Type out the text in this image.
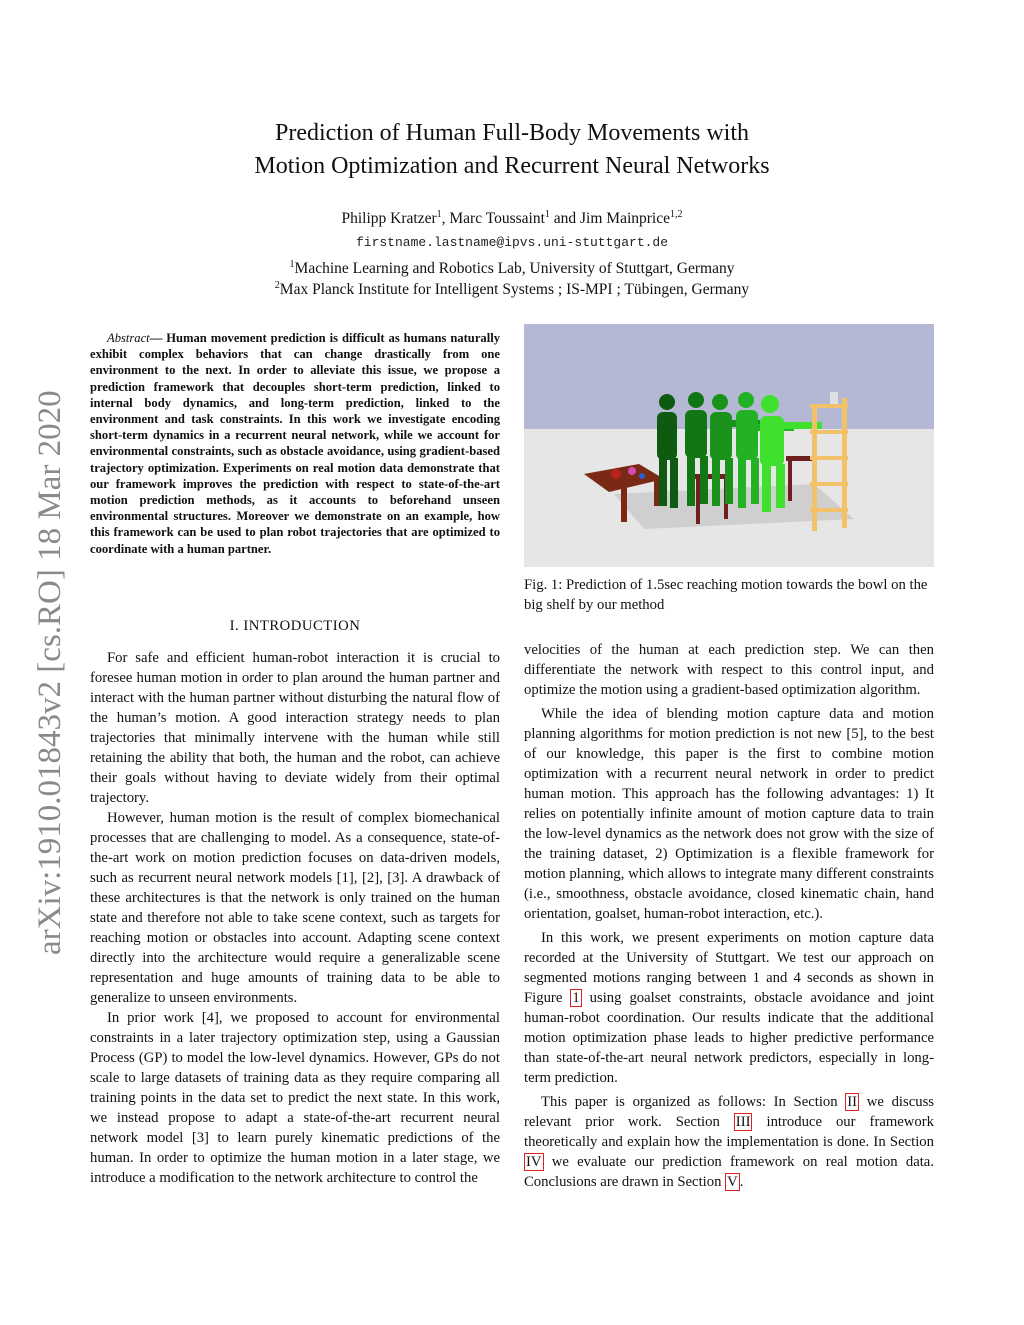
Prediction of Human Full-Body Movements with
Motion Optimization and Recurrent Neural Networks
Philipp Kratzer$^1$, Marc Toussaint$^1$ and Jim Mainprice$^{1,2}$
firstname.lastname@ipvs.uni-stuttgart.de
$^1$Machine Learning and Robotics Lab, University of Stuttgart, Germany
$^2$Max Planck Institute for Intelligent Systems ; IS-MPI ; Tübingen, Germany
arXiv:1910.01843v2 [cs.RO] 18 Mar 2020
Abstract— Human movement prediction is difficult as humans naturally exhibit complex behaviors that can change drastically from one environment to the next. In order to alleviate this issue, we propose a prediction framework that decouples short-term prediction, linked to internal body dynamics, and long-term prediction, linked to the environment and task constraints. In this work we investigate encoding short-term dynamics in a recurrent neural network, while we account for environmental constraints, such as obstacle avoidance, using gradient-based trajectory optimization. Experiments on real motion data demonstrate that our framework improves the prediction with respect to state-of-the-art motion prediction methods, as it accounts to beforehand unseen environmental structures. Moreover we demonstrate on an example, how this framework can be used to plan robot trajectories that are optimized to coordinate with a human partner.
I. INTRODUCTION

For safe and efficient human-robot interaction it is crucial to foresee human motion in order to plan around the human partner and interact with the human partner without disturbing the natural flow of the human’s motion. A good interaction strategy needs to plan trajectories that minimally intervene with the human while still retaining the ability that both, the human and the robot, can achieve their goals without having to deviate widely from their optimal trajectory.

However, human motion is the result of complex biomechanical processes that are challenging to model. As a consequence, state-of-the-art work on motion prediction focuses on data-driven models, such as recurrent neural network models [1], [2], [3]. A drawback of these architectures is that the network is only trained on the human state and therefore not able to take scene context, such as targets for reaching motion or obstacles into account. Adapting scene context directly into the architecture would require a generalizable scene representation and huge amounts of training data to be able to generalize to unseen environments.

In prior work [4], we proposed to account for environmental constraints in a later trajectory optimization step, using a Gaussian Process (GP) to model the low-level dynamics. However, GPs do not scale to large datasets of training data as they require comparing all training points in the data set to predict the next state. In this work, we instead propose to adapt a state-of-the-art recurrent neural network model [3] to learn purely kinematic predictions of the human. In order to optimize the human motion in a later stage, we introduce a modification to the network architecture to control the

Fig. 1: Prediction of 1.5sec reaching motion towards the bowl on the big shelf by our method

velocities of the human at each prediction step. We can then differentiate the network with respect to this control input, and optimize the motion using a gradient-based optimization algorithm.

While the idea of blending motion capture data and motion planning algorithms for motion prediction is not new [5], to the best of our knowledge, this paper is the first to combine motion optimization with a recurrent neural network in order to predict human motion. This approach has the following advantages: 1) It relies on potentially infinite amount of motion capture data to train the low-level dynamics as the network does not grow with the size of the training dataset, 2) Optimization is a flexible framework for motion planning, which allows to integrate many different constraints (i.e., smoothness, obstacle avoidance, closed kinematic chain, hand orientation, goalset, human-robot interaction, etc.).

In this work, we present experiments on motion capture data recorded at the University of Stuttgart. We test our approach on segmented motions ranging between 1 and 4 seconds as shown in Figure 1 using goalset constraints, obstacle avoidance and joint human-robot coordination. Our results indicate that the additional motion optimization phase leads to higher predictive performance than state-of-the-art neural network predictors, especially in long-term prediction.

This paper is organized as follows: In Section II we discuss relevant prior work. Section III introduce our framework theoretically and explain how the implementation is done. In Section IV we evaluate our prediction framework on real motion data. Conclusions are drawn in Section V .
